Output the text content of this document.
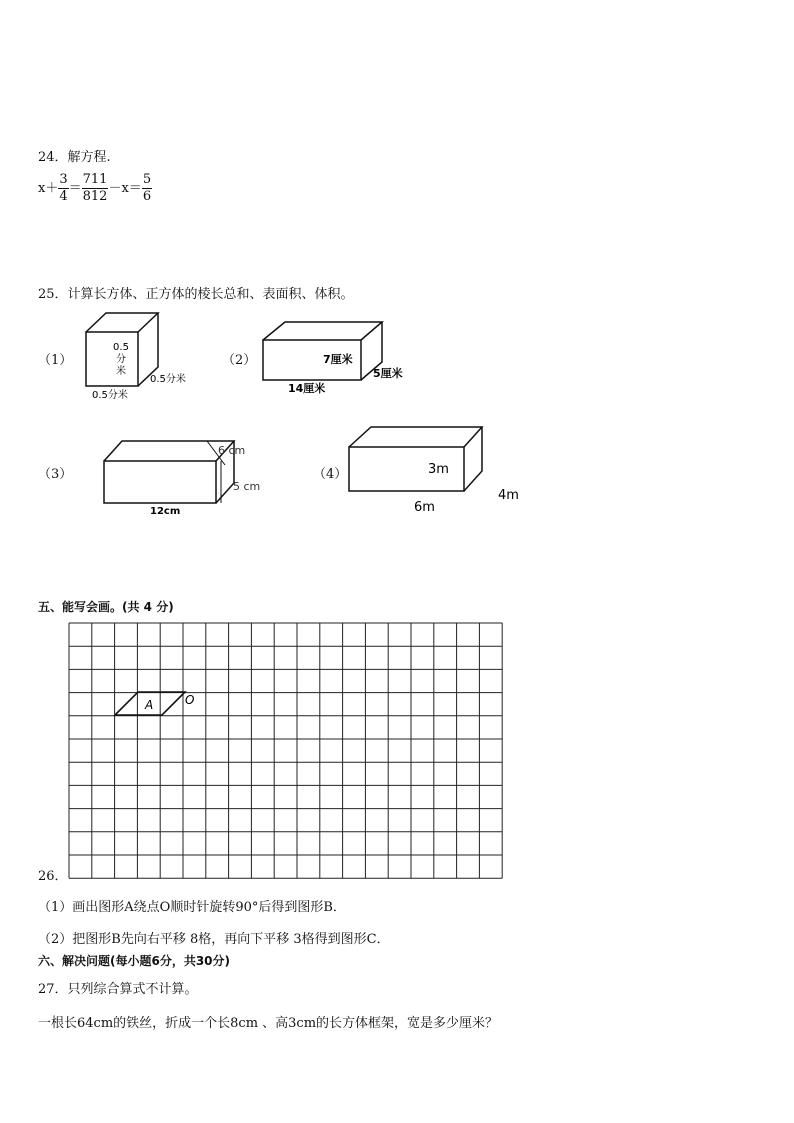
24．解方程.
$x+ \frac{3}{4} = \frac{711}{812} -x= \frac{5}{6}$
25．计算长方体、正方体的棱长总和、表面积、体积。
（1）
0.5
分
米
0.5分米
0.5分米
（2）	7厘米
5厘米
14厘米
（3）
6 cm
5 cm
12cm
（4）	3m
6m
4m
五、能写会画。(共 4 分)
A	O
26．
（1）画出图形A绕点O顺时针旋转90°后得到图形B．
（2）把图形B先向右平移 8格，再向下平移 3格得到图形C．
六、解决问题(每小题6分，共30分)
27．只列综合算式不计算。
一根长64cm的铁丝，折成一个长8cm 、高3cm的长方体框架，宽是多少厘米？
